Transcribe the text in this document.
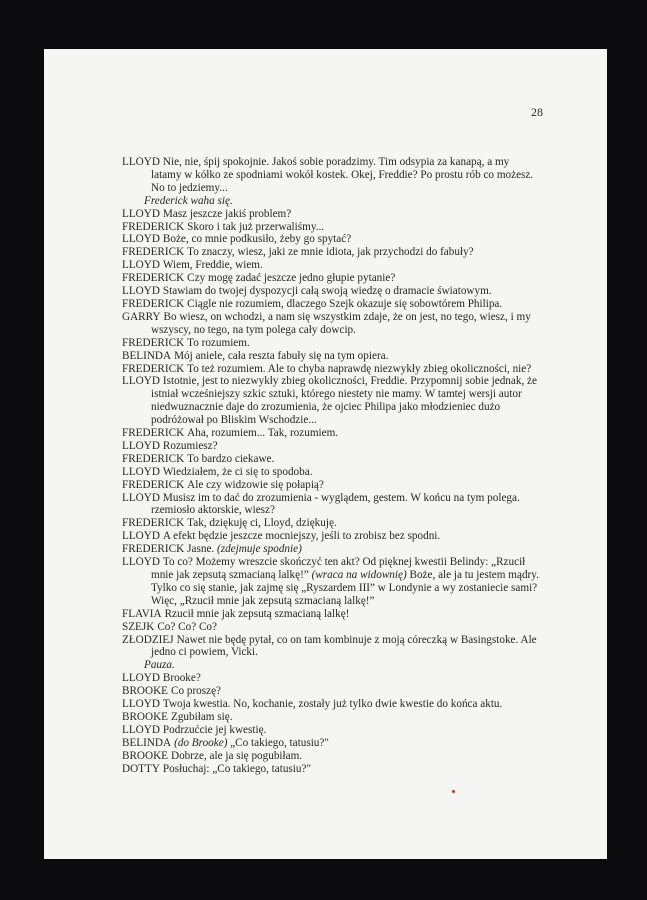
28

LLOYD Nie, nie, śpij spokojnie. Jakoś sobie poradzimy. Tim odsypia za kanapą, a my latamy w kółko ze spodniami wokół kostek. Okej, Freddie? Po prostu rób co możesz. No to jedziemy...

Frederick waha się.

LLOYD Masz jeszcze jakiś problem?

FREDERICK Skoro i tak już przerwaliśmy...

LLOYD Boże, co mnie podkusiło, żeby go spytać?

FREDERICK To znaczy, wiesz, jaki ze mnie idiota, jak przychodzi do fabuły?

LLOYD Wiem, Freddie, wiem.

FREDERICK Czy mogę zadać jeszcze jedno głupie pytanie?

LLOYD Stawiam do twojej dyspozycji całą swoją wiedzę o dramacie światowym.

FREDERICK Ciągle nie rozumiem, dlaczego Szejk okazuje się sobowtórem Philipa.

GARRY Bo wiesz, on wchodzi, a nam się wszystkim zdaje, że on jest, no tego, wiesz, i my wszyscy, no tego, na tym polega cały dowcip.

FREDERICK To rozumiem.

BELINDA Mój aniele, cała reszta fabuły się na tym opiera.

FREDERICK To też rozumiem. Ale to chyba naprawdę niezwykły zbieg okoliczności, nie?

LLOYD Istotnie, jest to niezwykły zbieg okoliczności, Freddie. Przypomnij sobie jednak, że istniał wcześniejszy szkic sztuki, którego niestety nie mamy. W tamtej wersji autor niedwuznacznie daje do zrozumienia, że ojciec Philipa jako młodzieniec dużo podróżował po Bliskim Wschodzie...

FREDERICK Aha, rozumiem... Tak, rozumiem.

LLOYD Rozumiesz?

FREDERICK To bardzo ciekawe.

LLOYD Wiedziałem, że ci się to spodoba.

FREDERICK Ale czy widzowie się połapią?

LLOYD Musisz im to dać do zrozumienia - wyglądem, gestem. W końcu na tym polega. rzemiosło aktorskie, wiesz?

FREDERICK Tak, dziękuję ci, Lloyd, dziękuję.

LLOYD A efekt będzie jeszcze mocniejszy, jeśli to zrobisz bez spodni.

FREDERICK Jasne. (zdejmuje spodnie)

LLOYD To co? Możemy wreszcie skończyć ten akt? Od pięknej kwestii Belindy: „Rzucił mnie jak zepsutą szmacianą lalkę!” (wraca na widownię) Boże, ale ja tu jestem mądry. Tylko co się stanie, jak zajmę się „Ryszardem III” w Londynie a wy zostaniecie sami? Więc, „Rzucił mnie jak zepsutą szmacianą lalkę!”

FLAVIA Rzucił mnie jak zepsutą szmacianą lalkę!

SZEJK Co? Co? Co?

ZŁODZIEJ Nawet nie będę pytał, co on tam kombinuje z moją córeczką w Basingstoke. Ale jedno ci powiem, Vicki.

Pauza.

LLOYD Brooke?

BROOKE Co proszę?

LLOYD Twoja kwestia. No, kochanie, zostały już tylko dwie kwestie do końca aktu.

BROOKE Zgubiłam się.

LLOYD Podrzućcie jej kwestię.

BELINDA (do Brooke) „Co takiego, tatusiu?"

BROOKE Dobrze, ale ja się pogubiłam.

DOTTY Posłuchaj: „Co takiego, tatusiu?"
